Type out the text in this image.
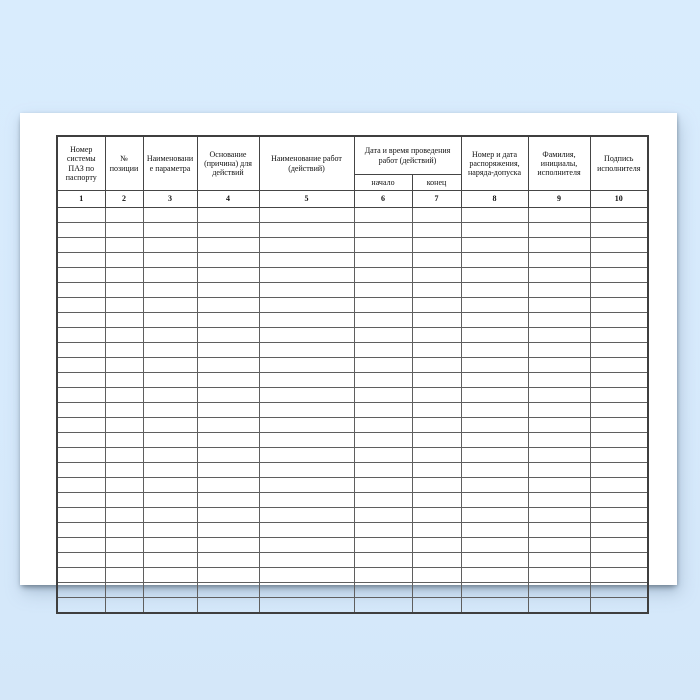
Номер системы ПАЗ по паспорту	№ позиции	Наименование параметра	Основание (причина) для действий	Наименование работ (действий)	Дата и время проведения работ (действий)		Номер и дата распоряжения, наряда-допуска	Фамилия, инициалы, исполнителя	Подпись исполнителя
					начало	конец			
1	2	3	4	5	6	7	8	9	10
